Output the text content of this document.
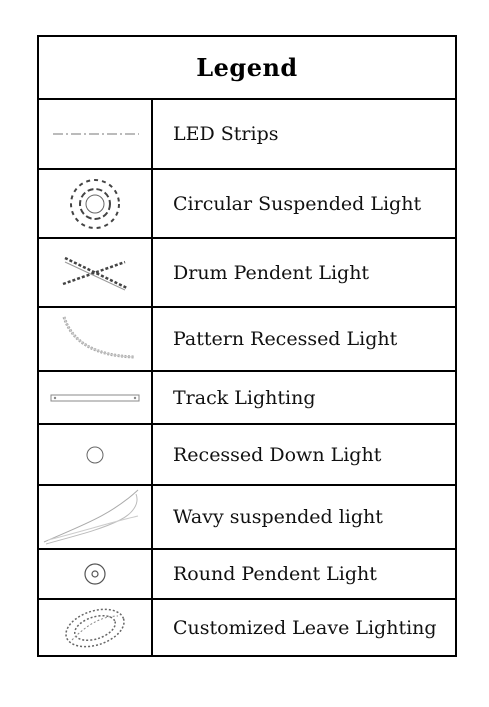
Legend
LED Strips
Circular Suspended Light
Drum Pendent Light
Pattern Recessed Light
Track Lighting
Recessed Down Light
Wavy suspended light
Round Pendent Light
Customized Leave Lighting
